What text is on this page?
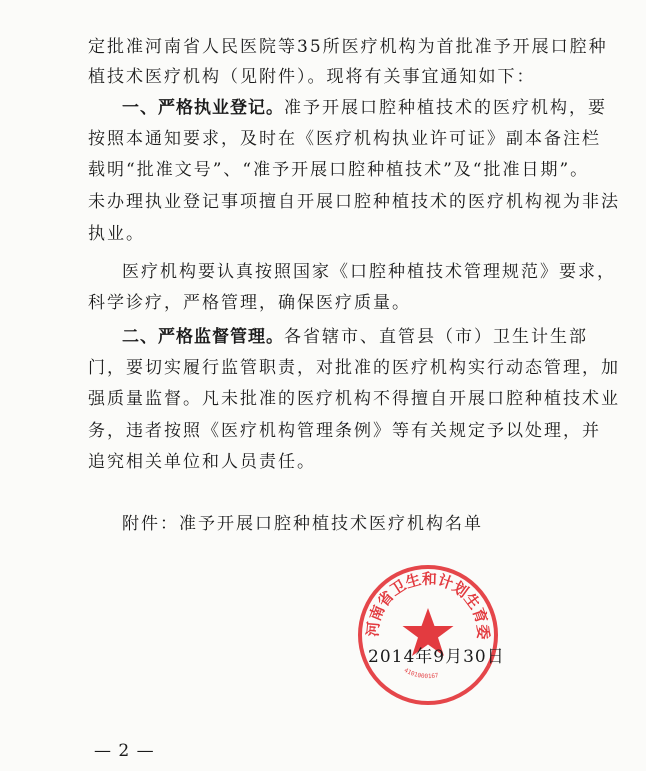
定批准河南省人民医院等35所医疗机构为首批准予开展口腔种
植技术医疗机构（见附件）。现将有关事宜通知如下：
一、严格执业登记。准予开展口腔种植技术的医疗机构，要
按照本通知要求，及时在《医疗机构执业许可证》副本备注栏
载明“批准文号”、“准予开展口腔种植技术”及“批准日期”。
未办理执业登记事项擅自开展口腔种植技术的医疗机构视为非法
执业。
医疗机构要认真按照国家《口腔种植技术管理规范》要求，
科学诊疗，严格管理，确保医疗质量。
二、严格监督管理。各省辖市、直管县（市）卫生计生部
门，要切实履行监管职责，对批准的医疗机构实行动态管理，加
强质量监督。凡未批准的医疗机构不得擅自开展口腔种植技术业
务，违者按照《医疗机构管理条例》等有关规定予以处理，并
追究相关单位和人员责任。
附件：准予开展口腔种植技术医疗机构名单
河南省卫生和计划生育委
4101000167
2014年9月30日
— 2 —
